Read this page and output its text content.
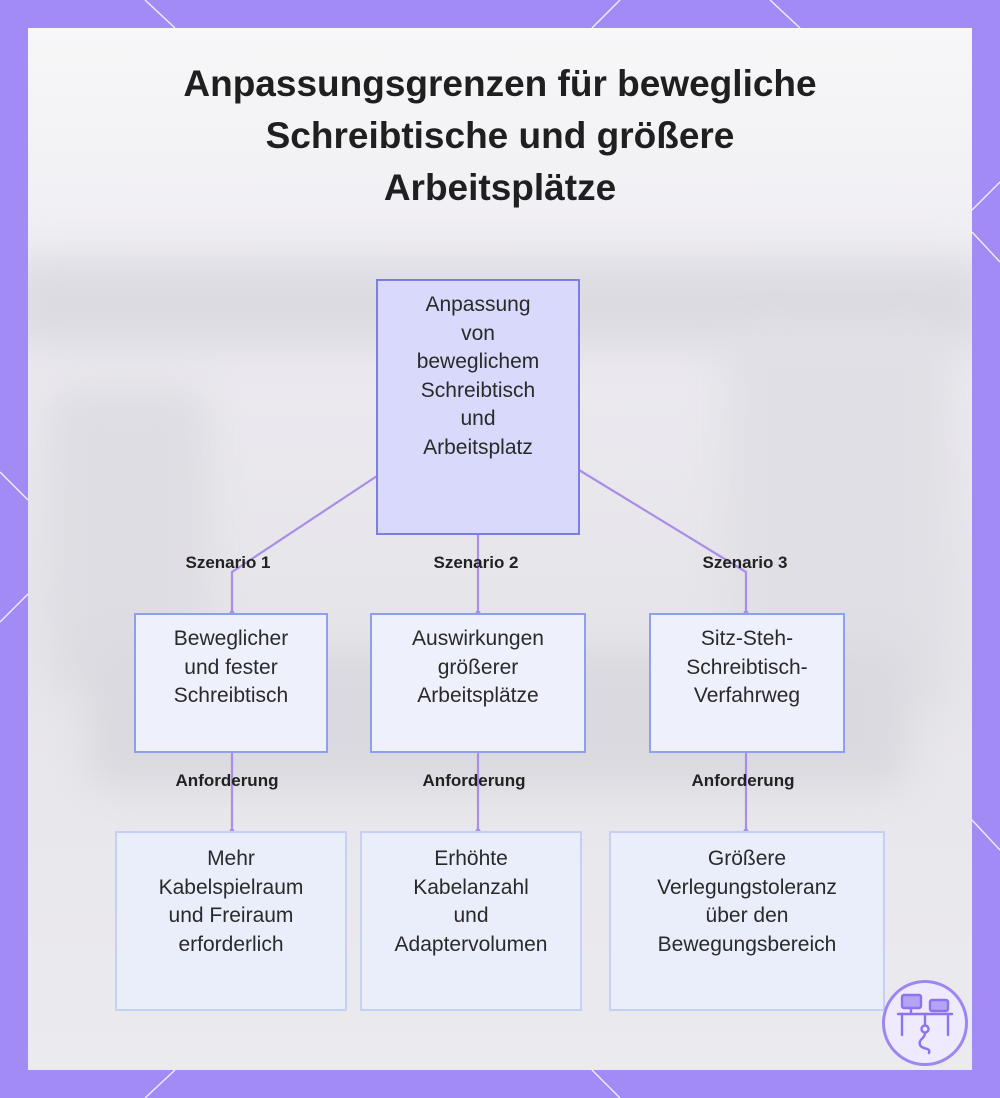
Anpassungsgrenzen für bewegliche
Schreibtische und größere
Arbeitsplätze
Anpassung
von
beweglichem
Schreibtisch
und
Arbeitsplatz
Szenario 1	Szenario 2	Szenario 3
Beweglicher
und fester
Schreibtisch
Auswirkungen
größerer
Arbeitsplätze
Sitz-Steh-
Schreibtisch-
Verfahrweg
Anforderung	Anforderung	Anforderung
Mehr
Kabelspielraum
und Freiraum
erforderlich
Erhöhte
Kabelanzahl
und
Adaptervolumen
Größere
Verlegungstoleranz
über den
Bewegungsbereich
